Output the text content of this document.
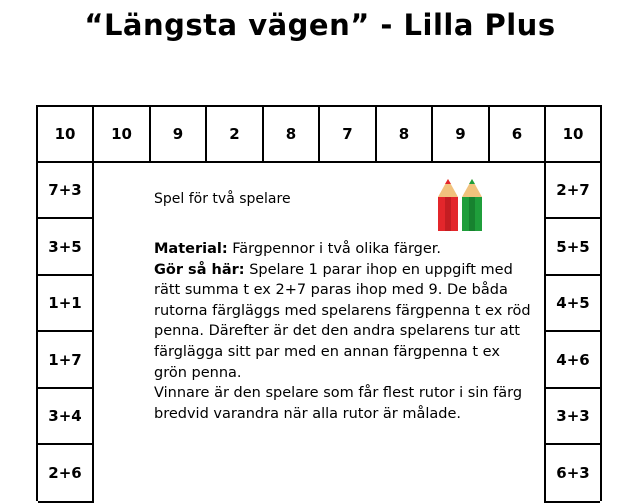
“Längsta vägen” - Lilla Plus
10	10	9	2	8	7	8	9	6	10
7+3
3+5
1+1
1+7
3+4
2+6
2+7
5+5
4+5
4+6
3+3
6+3
Spel för två spelare
Material: Färgpennor i två olika färger.
Gör så här: Spelare 1 parar ihop en uppgift med rätt summa t ex 2+7 paras ihop med 9. De båda rutorna färgläggs med spelarens färgpenna t ex röd penna. Därefter är det den andra spelarens tur att färglägga sitt par med en annan färgpenna t ex grön penna.
Vinnare är den spelare som får flest rutor i sin färg bredvid varandra när alla rutor är målade.
